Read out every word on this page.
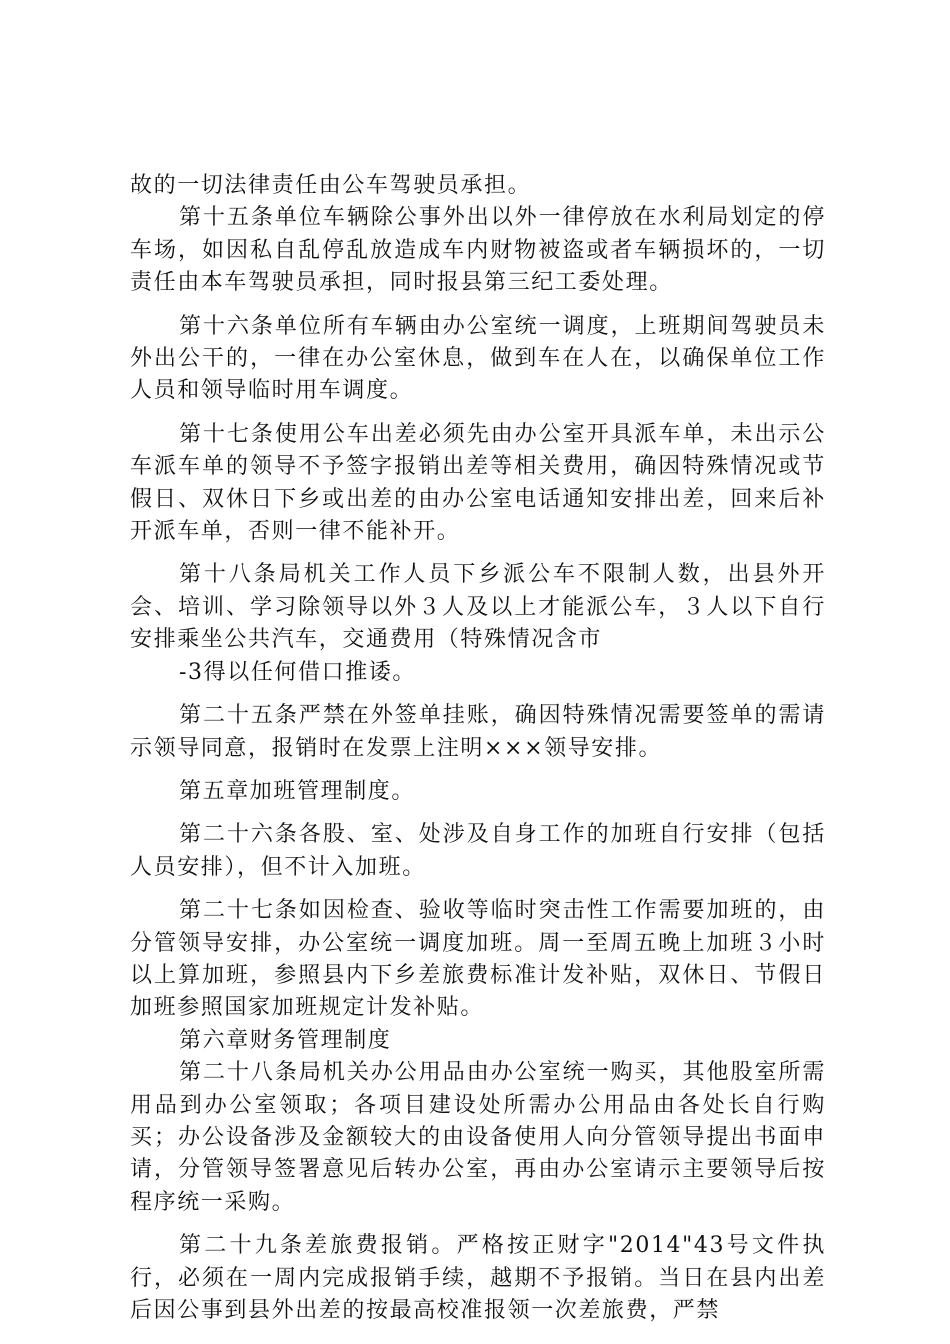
故的一切法律责任由公车驾驶员承担。

第十五条单位车辆除公事外出以外一律停放在水利局划定的停车场，如因私自乱停乱放造成车内财物被盗或者车辆损坏的，一切责任由本车驾驶员承担，同时报县第三纪工委处理。

第十六条单位所有车辆由办公室统一调度，上班期间驾驶员未外出公干的，一律在办公室休息，做到车在人在，以确保单位工作人员和领导临时用车调度。

第十七条使用公车出差必须先由办公室开具派车单，未出示公车派车单的领导不予签字报销出差等相关费用，确因特殊情况或节假日、双休日下乡或出差的由办公室电话通知安排出差，回来后补开派车单，否则一律不能补开。

第十八条局机关工作人员下乡派公车不限制人数，出县外开会、培训、学习除领导以外３人及以上才能派公车，３人以下自行安排乘坐公共汽车，交通费用（特殊情况含市

-3得以任何借口推诿。

第二十五条严禁在外签单挂账，确因特殊情况需要签单的需请示领导同意，报销时在发票上注明×××领导安排。

第五章加班管理制度。

第二十六条各股、室、处涉及自身工作的加班自行安排（包括人员安排），但不计入加班。

第二十七条如因检查、验收等临时突击性工作需要加班的，由分管领导安排，办公室统一调度加班。周一至周五晚上加班３小时以上算加班，参照县内下乡差旅费标准计发补贴，双休日、节假日加班参照国家加班规定计发补贴。

第六章财务管理制度

第二十八条局机关办公用品由办公室统一购买，其他股室所需用品到办公室领取；各项目建设处所需办公用品由各处长自行购买；办公设备涉及金额较大的由设备使用人向分管领导提出书面申请，分管领导签署意见后转办公室，再由办公室请示主要领导后按程序统一采购。

第二十九条差旅费报销。严格按正财字"2014"43号文件执行，必须在一周内完成报销手续，越期不予报销。当日在县内出差后因公事到县外出差的按最高校准报领一次差旅费，严禁
